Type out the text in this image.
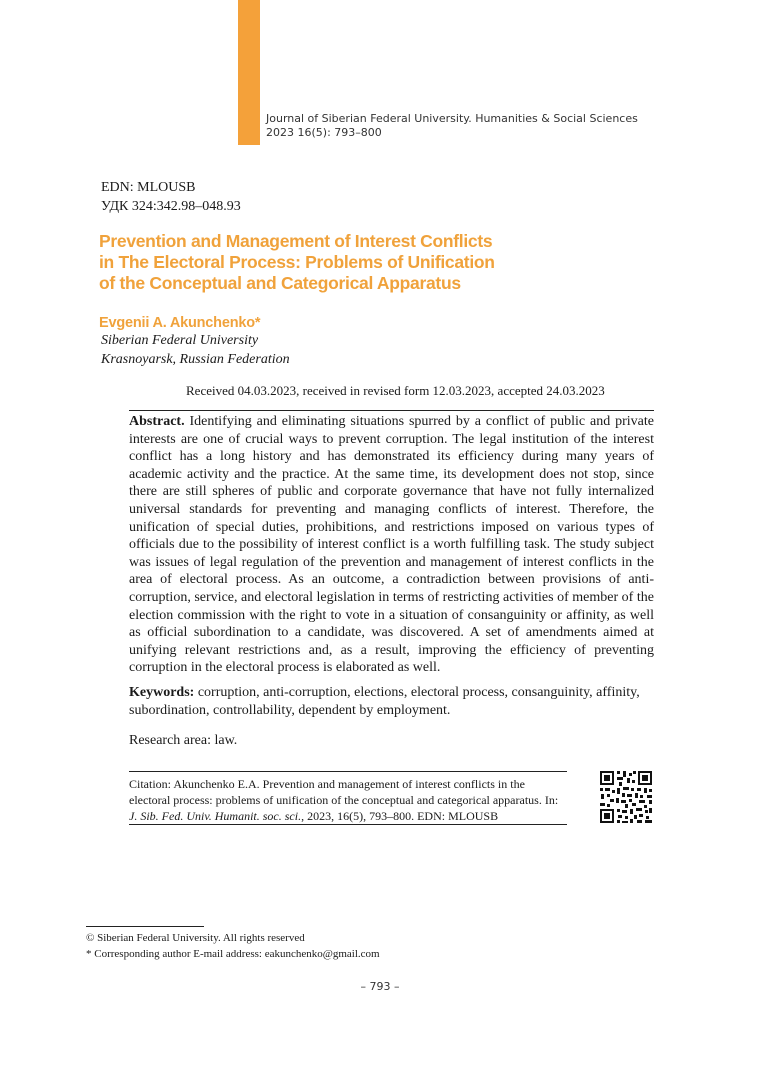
Journal of Siberian Federal University. Humanities & Social Sciences
2023 16(5): 793–800
EDN: MLOUSB
УДК 324:342.98–048.93
Prevention and Management of Interest Conflicts
in The Electoral Process: Problems of Unification
of the Conceptual and Categorical Apparatus
Evgenii A. Akunchenko*
Siberian Federal University
Krasnoyarsk, Russian Federation
Received 04.03.2023, received in revised form 12.03.2023, accepted 24.03.2023
Abstract. Identifying and eliminating situations spurred by a conflict of public and private interests are one of crucial ways to prevent corruption. The legal institution of the interest conflict has a long history and has demonstrated its efficiency during many years of academic activity and the practice. At the same time, its development does not stop, since there are still spheres of public and corporate governance that have not fully internalized universal standards for preventing and managing conflicts of interest. Therefore, the unification of special duties, prohibitions, and restrictions imposed on various types of officials due to the possibility of interest conflict is a worth fulfilling task. The study subject was issues of legal regulation of the prevention and management of interest conflicts in the area of electoral process. As an outcome, a contradiction between provisions of anti-corruption, service, and electoral legislation in terms of restricting activities of member of the election commission with the right to vote in a situation of consanguinity or affinity, as well as official subordination to a candidate, was discovered. A set of amendments aimed at unifying relevant restrictions and, as a result, improving the efficiency of preventing corruption in the electoral process is elaborated as well.
Keywords: corruption, anti-corruption, elections, electoral process, consanguinity, affinity, subordination, controllability, dependent by employment.
Research area: law.
Citation: Akunchenko E.A. Prevention and management of interest conflicts in the electoral process: problems of unification of the conceptual and categorical apparatus. In: J. Sib. Fed. Univ. Humanit. soc. sci., 2023, 16(5), 793–800. EDN: MLOUSB
© Siberian Federal University. All rights reserved
* Corresponding author E-mail address: eakunchenko@gmail.com
– 793 –
